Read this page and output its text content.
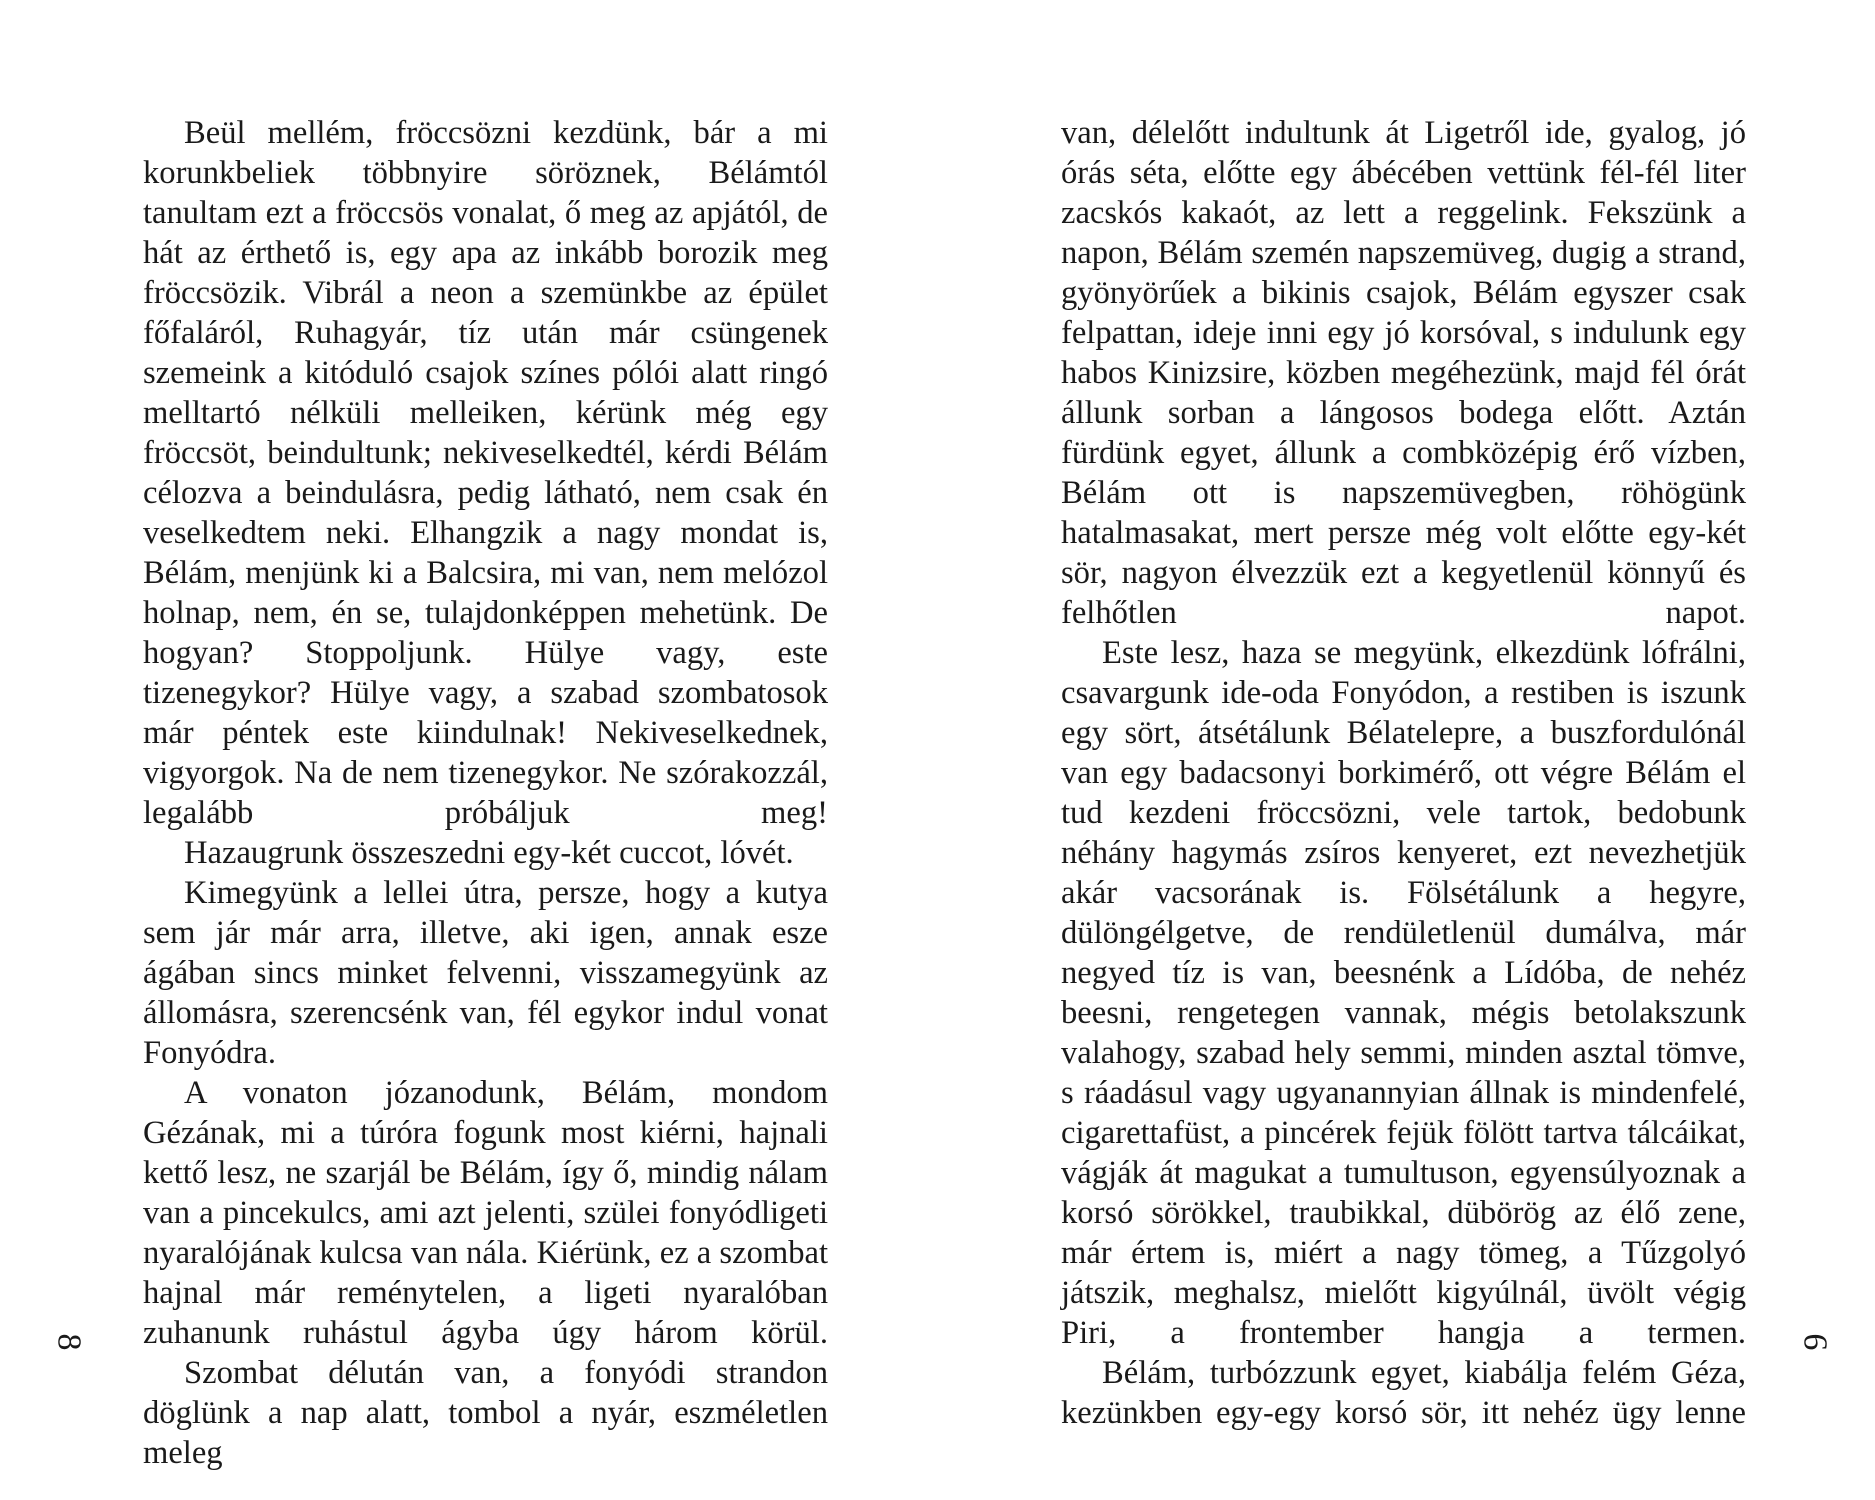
Beül mellém, fröccsözni kezdünk, bár a mi korunkbeliek többnyire söröznek, Bélámtól tanultam ezt a fröccsös vonalat, ő meg az apjától, de hát az érthető is, egy apa az inkább borozik meg fröccsözik. Vibrál a neon a szemünkbe az épület főfaláról, Ruhagyár, tíz után már csüngenek szemeink a kitóduló csajok színes pólói alatt ringó melltartó nélküli melleiken, kérünk még egy fröccsöt, beindultunk; nekiveselkedtél, kérdi Bélám célozva a beindulásra, pedig látható, nem csak én veselkedtem neki. Elhangzik a nagy mondat is, Bélám, menjünk ki a Balcsira, mi van, nem melózol holnap, nem, én se, tulajdonképpen mehetünk. De hogyan? Stoppoljunk. Hülye vagy, este tizenegykor? Hülye vagy, a szabad szombatosok már péntek este kiindulnak! Nekiveselkednek, vigyorgok. Na de nem tizenegykor. Ne szórakozzál, legalább próbáljuk meg!

Hazaugrunk összeszedni egy-két cuccot, lóvét.

Kimegyünk a lellei útra, persze, hogy a kutya sem jár már arra, illetve, aki igen, annak esze ágában sincs minket felvenni, visszamegyünk az állomásra, szerencsénk van, fél egykor indul vonat Fonyódra.

A vonaton józanodunk, Bélám, mondom Gézának, mi a túróra fogunk most kiérni, hajnali kettő lesz, ne szarjál be Bélám, így ő, mindig nálam van a pincekulcs, ami azt jelenti, szülei fonyódligeti nyaralójának kulcsa van nála. Kiérünk, ez a szombat hajnal már reménytelen, a ligeti nyaralóban zuhanunk ruhástul ágyba úgy három körül.

Szombat délután van, a fonyódi strandon döglünk a nap alatt, tombol a nyár, eszméletlen meleg

van, délelőtt indultunk át Ligetről ide, gyalog, jó órás séta, előtte egy ábécében vettünk fél-fél liter zacskós kakaót, az lett a reggelink. Fekszünk a napon, Bélám szemén napszemüveg, dugig a strand, gyönyörűek a bikinis csajok, Bélám egyszer csak felpattan, ideje inni egy jó korsóval, s indulunk egy habos Kinizsire, közben megéhezünk, majd fél órát állunk sorban a lángosos bodega előtt. Aztán fürdünk egyet, állunk a combközépig érő vízben, Bélám ott is napszemüvegben, röhögünk hatalmasakat, mert persze még volt előtte egy-két sör, nagyon élvezzük ezt a kegyetlenül könnyű és felhőtlen napot.

Este lesz, haza se megyünk, elkezdünk lófrálni, csavargunk ide-oda Fonyódon, a restiben is iszunk egy sört, átsétálunk Bélatelepre, a buszfordulónál van egy badacsonyi borkimérő, ott végre Bélám el tud kezdeni fröccsözni, vele tartok, bedobunk néhány hagymás zsíros kenyeret, ezt nevezhetjük akár vacsorának is. Fölsétálunk a hegyre, dülöngélgetve, de rendületlenül dumálva, már negyed tíz is van, beesnénk a Lídóba, de nehéz beesni, rengetegen vannak, mégis betolakszunk valahogy, szabad hely semmi, minden asztal tömve, s ráadásul vagy ugyanannyian állnak is mindenfelé, cigarettafüst, a pincérek fejük fölött tartva tálcáikat, vágják át magukat a tumultuson, egyensúlyoznak a korsó sörökkel, traubikkal, dübörög az élő zene, már értem is, miért a nagy tömeg, a Tűzgolyó játszik, meghalsz, mielőtt kigyúlnál, üvölt végig Piri, a frontember hangja a termen.

Bélám, turbózzunk egyet, kiabálja felém Géza, kezünkben egy-egy korsó sör, itt nehéz ügy lenne

8	9
